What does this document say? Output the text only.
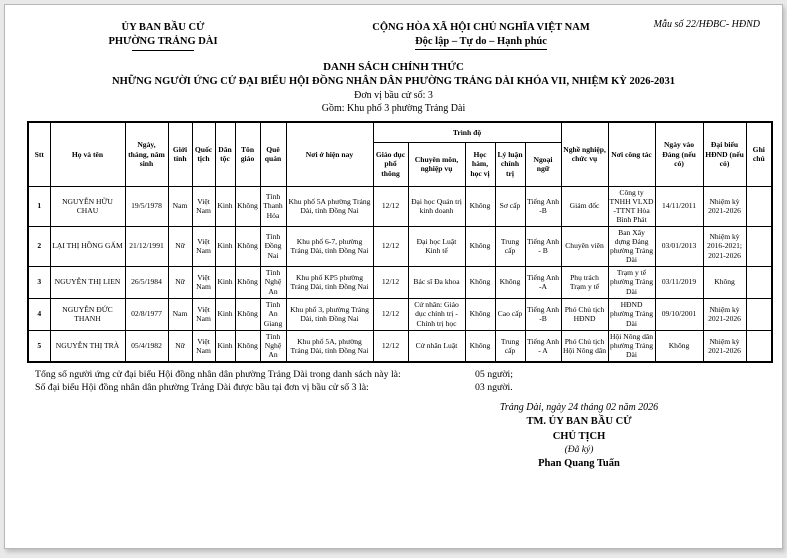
Mẫu số 22/HĐBC- HĐND
ỦY BAN BẦU CỬ
PHƯỜNG TRẢNG DÀI
CỘNG HÒA XÃ HỘI CHỦ NGHĨA VIỆT NAM
Độc lập – Tự do – Hạnh phúc
DANH SÁCH CHÍNH THỨC
NHỮNG NGƯỜI ỨNG CỬ ĐẠI BIỂU HỘI ĐỒNG NHÂN DÂN PHƯỜNG TRẢNG DÀI KHÓA VII, NHIỆM KỲ 2026-2031
Đơn vị bầu cử số: 3
Gồm: Khu phố 3 phường Trảng Dài
Stt	Họ và tên	Ngày, tháng, năm sinh	Giới tính	Quốc tịch	Dân tộc	Tôn giáo	Quê quán	Nơi ở hiện nay	Trình độ					Nghề nghiệp, chức vụ	Nơi công tác	Ngày vào Đảng (nếu có)	Đại biểu HĐND (nếu có)	Ghi chú
									Giáo dục phổ thông	Chuyên môn, nghiệp vụ	Học hàm, học vị	Lý luận chính trị	Ngoại ngữ					
1	NGUYỄN HỮU CHAU	19/5/1978	Nam	Việt Nam	Kinh	Không	Tỉnh Thanh Hóa	Khu phố 5A phường Trảng Dài, tỉnh Đồng Nai	12/12	Đại học Quản trị kinh doanh	Không	Sơ cấp	Tiếng Anh -B	Giám đốc	Công ty TNHH VLXD -TTNT Hòa Bình Phát	14/11/2011	Nhiệm kỳ 2021-2026	
2	LẠI THỊ HỒNG GẤM	21/12/1991	Nữ	Việt Nam	Kinh	Không	Tỉnh Đồng Nai	Khu phố 6-7, phường Trảng Dài, tỉnh Đồng Nai	12/12	Đại học Luật Kinh tế	Không	Trung cấp	Tiếng Anh - B	Chuyên viên	Ban Xây dựng Đảng phường Trảng Dài	03/01/2013	Nhiệm kỳ 2016-2021; 2021-2026	
3	NGUYỄN THỊ LIEN	26/5/1984	Nữ	Việt Nam	Kinh	Không	Tỉnh Nghệ An	Khu phố KP5 phường Trảng Dài, tỉnh Đồng Nai	12/12	Bác sĩ Đa khoa	Không	Không	Tiếng Anh -A	Phụ trách Trạm y tế	Trạm y tế phường Trảng Dài	03/11/2019	Không	
4	NGUYỄN ĐỨC THANH	02/8/1977	Nam	Việt Nam	Kinh	Không	Tỉnh An Giang	Khu phố 3, phường Trảng Dài, tỉnh Đồng Nai	12/12	Cử nhân: Giáo dục chính trị - Chính trị học	Không	Cao cấp	Tiếng Anh -B	Phó Chủ tịch HĐND	HĐND phường Trảng Dài	09/10/2001	Nhiệm kỳ 2021-2026	
5	NGUYỄN THỊ TRÀ	05/4/1982	Nữ	Việt Nam	Kinh	Không	Tỉnh Nghệ An	Khu phố 5A, phường Trảng Dài, tỉnh Đồng Nai	12/12	Cử nhân Luật	Không	Trung cấp	Tiếng Anh - A	Phó Chủ tịch Hội Nông dân	Hội Nông dân phường Trảng Dài	Không	Nhiệm kỳ 2021-2026	
Tổng số người ứng cử đại biểu Hội đồng nhân dân phường Trảng Dài trong danh sách này là:	05 người;
Số đại biểu Hội đồng nhân dân phường Trảng Dài được bầu tại đơn vị bầu cử số 3 là:	03 người.
Trảng Dài, ngày 24 tháng 02 năm 2026
TM. ỦY BAN BẦU CỬ
CHỦ TỊCH
(Đã ký)
Phan Quang Tuấn
